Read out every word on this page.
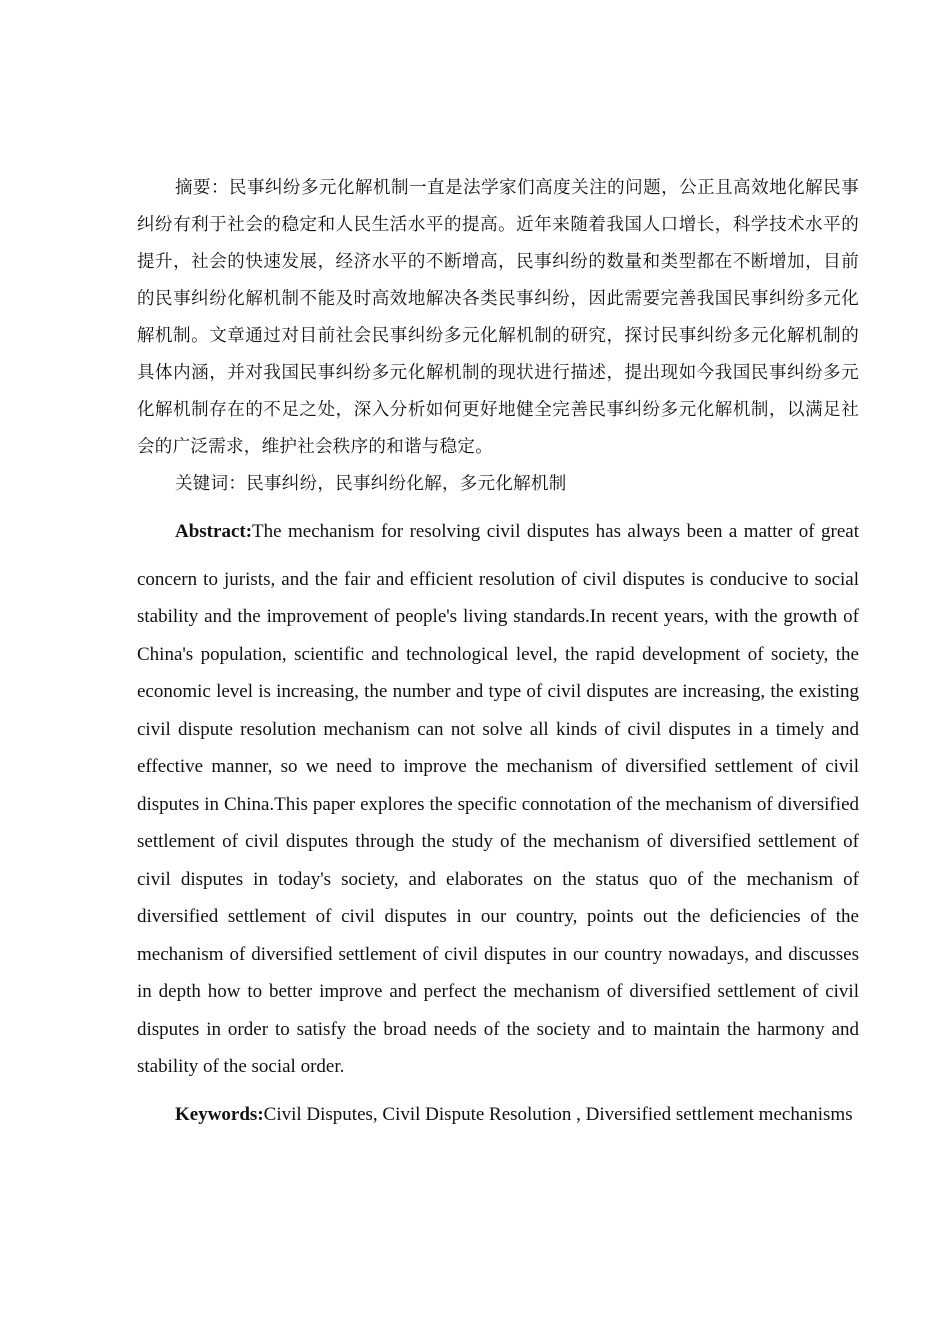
摘要：民事纠纷多元化解机制一直是法学家们高度关注的问题，公正且高效地化解民事纠纷有利于社会的稳定和人民生活水平的提高。近年来随着我国人口增长，科学技术水平的提升，社会的快速发展，经济水平的不断增高，民事纠纷的数量和类型都在不断增加，目前的民事纠纷化解机制不能及时高效地解决各类民事纠纷，因此需要完善我国民事纠纷多元化解机制。文章通过对目前社会民事纠纷多元化解机制的研究，探讨民事纠纷多元化解机制的具体内涵，并对我国民事纠纷多元化解机制的现状进行描述，提出现如今我国民事纠纷多元化解机制存在的不足之处，深入分析如何更好地健全完善民事纠纷多元化解机制，以满足社会的广泛需求，维护社会秩序的和谐与稳定。

关键词：民事纠纷，民事纠纷化解，多元化解机制

Abstract:The mechanism for resolving civil disputes has always been a matter of great
concern to jurists, and the fair and efficient resolution of civil disputes is conducive to social stability and the improvement of people's living standards.In recent years, with the growth of China's population, scientific and technological level, the rapid development of society, the economic level is increasing, the number and type of civil disputes are increasing, the existing civil dispute resolution mechanism can not solve all kinds of civil disputes in a timely and effective manner, so we need to improve the mechanism of diversified settlement of civil disputes in China.This paper explores the specific connotation of the mechanism of diversified settlement of civil disputes through the study of the mechanism of diversified settlement of civil disputes in today's society, and elaborates on the status quo of the mechanism of diversified settlement of civil disputes in our country, points out the deficiencies of the mechanism of diversified settlement of civil disputes in our country nowadays, and discusses in depth how to better improve and perfect the mechanism of diversified settlement of civil disputes in order to satisfy the broad needs of the society and to maintain the harmony and stability of the social order.

Keywords:Civil Disputes, Civil Dispute Resolution , Diversified settlement mechanisms
